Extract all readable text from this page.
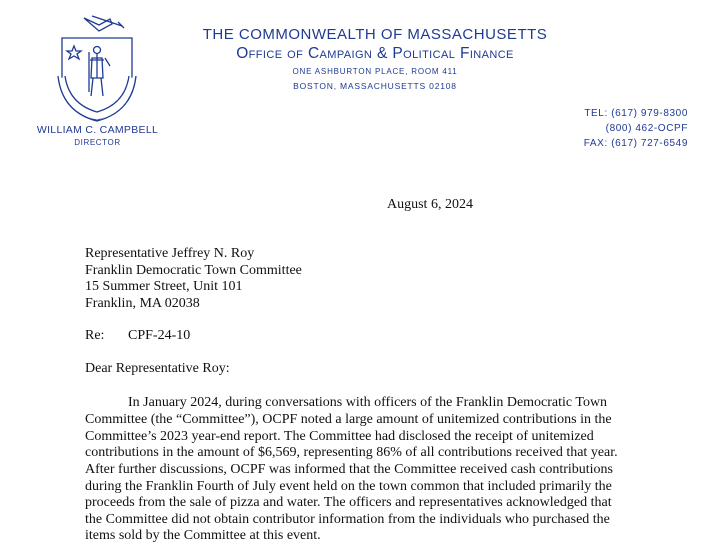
WILLIAM C. CAMPBELL
DIRECTOR
THE COMMONWEALTH OF MASSACHUSETTS
Office of Campaign & Political Finance
ONE ASHBURTON PLACE, ROOM 411
BOSTON, MASSACHUSETTS 02108
TEL: (617) 979-8300
(800) 462-OCPF
FAX: (617) 727-6549
August 6, 2024
Representative Jeffrey N. Roy
Franklin Democratic Town Committee
15 Summer Street, Unit 101
Franklin, MA 02038
Re: CPF-24-10
Dear Representative Roy:
In January 2024, during conversations with officers of the Franklin Democratic Town
Committee (the “Committee”), OCPF noted a large amount of unitemized contributions in the
Committee’s 2023 year-end report. The Committee had disclosed the receipt of unitemized
contributions in the amount of $6,569, representing 86% of all contributions received that year.
After further discussions, OCPF was informed that the Committee received cash contributions
during the Franklin Fourth of July event held on the town common that included primarily the
proceeds from the sale of pizza and water. The officers and representatives acknowledged that
the Committee did not obtain contributor information from the individuals who purchased the
items sold by the Committee at this event.
